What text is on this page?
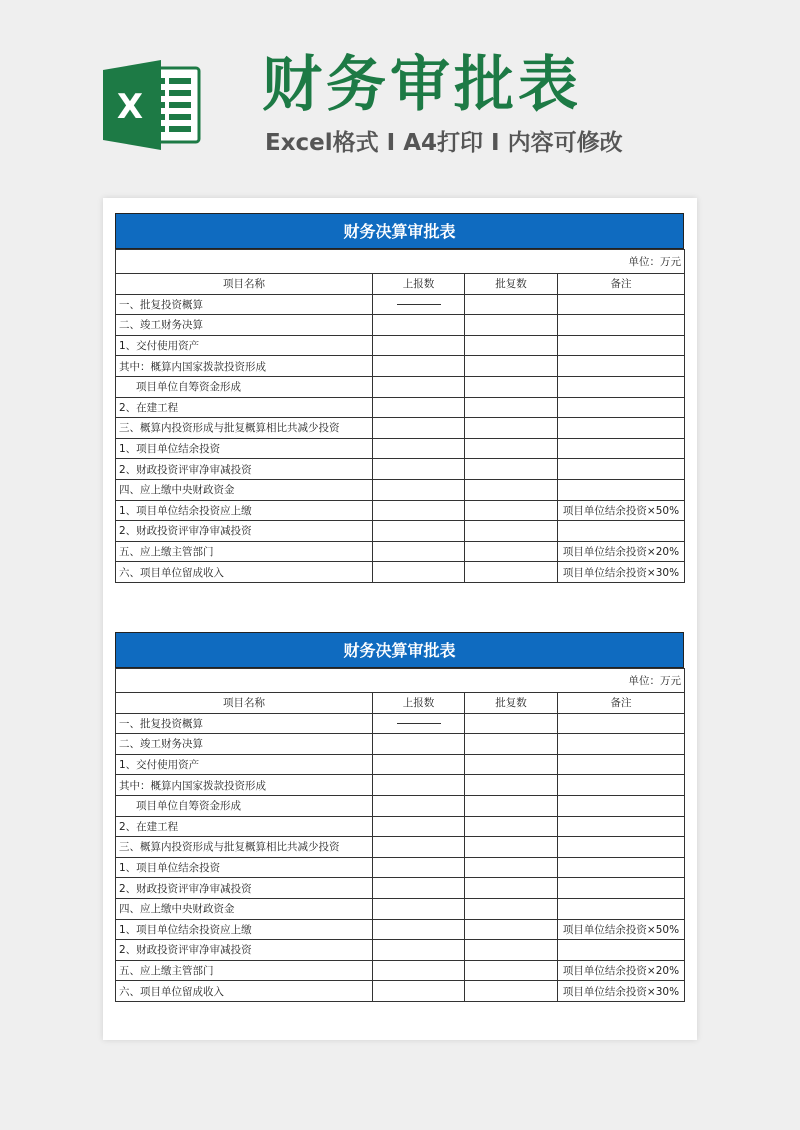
X 财务审批表
Excel格式 I A4打印 I 内容可修改
财务决算审批表
单位：万元			
项目名称	上报数	批复数	备注
一、批复投资概算			
二、竣工财务决算			
1、交付使用资产			
其中：概算内国家拨款投资形成			
项目单位自筹资金形成			
2、在建工程			
三、概算内投资形成与批复概算相比共减少投资			
1、项目单位结余投资			
2、财政投资评审净审减投资			
四、应上缴中央财政资金			
1、项目单位结余投资应上缴			项目单位结余投资×50%
2、财政投资评审净审减投资			
五、应上缴主管部门			项目单位结余投资×20%
六、项目单位留成收入			项目单位结余投资×30%
财务决算审批表
单位：万元			
项目名称	上报数	批复数	备注
一、批复投资概算			
二、竣工财务决算			
1、交付使用资产			
其中：概算内国家拨款投资形成			
项目单位自筹资金形成			
2、在建工程			
三、概算内投资形成与批复概算相比共减少投资			
1、项目单位结余投资			
2、财政投资评审净审减投资			
四、应上缴中央财政资金			
1、项目单位结余投资应上缴			项目单位结余投资×50%
2、财政投资评审净审减投资			
五、应上缴主管部门			项目单位结余投资×20%
六、项目单位留成收入			项目单位结余投资×30%
